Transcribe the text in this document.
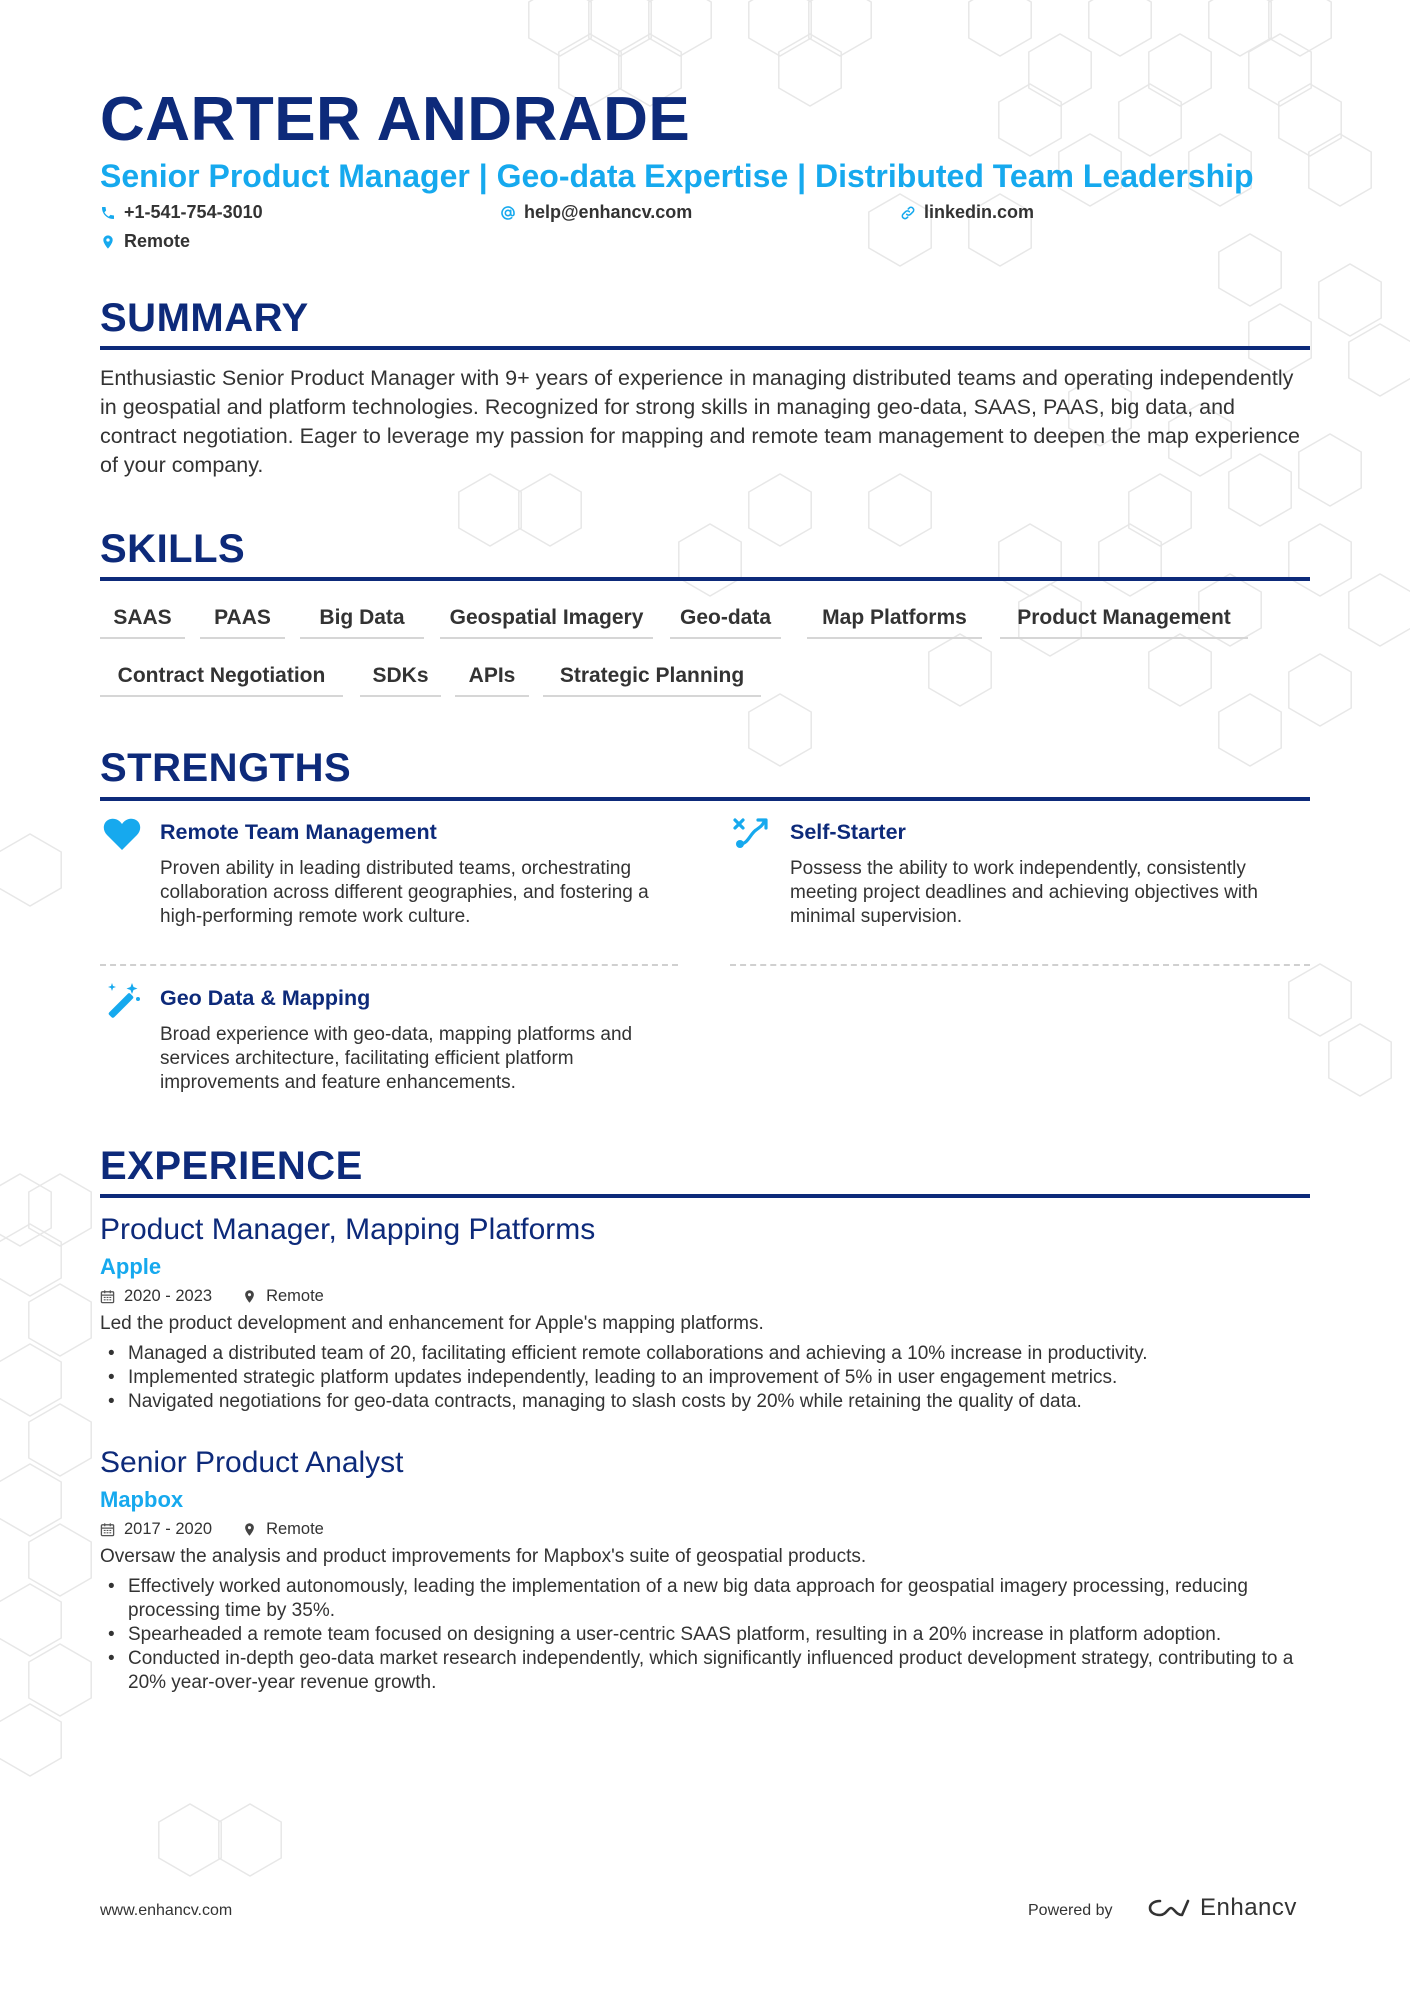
CARTER ANDRADE
Senior Product Manager | Geo-data Expertise | Distributed Team Leadership
+1-541-754-3010	help@enhancv.com	linkedin.com
Remote
SUMMARY
Enthusiastic Senior Product Manager with 9+ years of experience in managing distributed teams and operating independently in geospatial and platform technologies. Recognized for strong skills in managing geo-data, SAAS, PAAS, big data, and contract negotiation. Eager to leverage my passion for mapping and remote team management to deepen the map experience of your company.
SKILLS
SAAS	PAAS	Big Data	Geospatial Imagery	Geo-data	Map Platforms	Product Management
Contract Negotiation	SDKs	APIs	Strategic Planning
STRENGTHS
Remote Team Management
Proven ability in leading distributed teams, orchestrating collaboration across different geographies, and fostering a high-performing remote work culture.
Self-Starter
Possess the ability to work independently, consistently meeting project deadlines and achieving objectives with minimal supervision.
Geo Data & Mapping
Broad experience with geo-data, mapping platforms and services architecture, facilitating efficient platform improvements and feature enhancements.
EXPERIENCE
Product Manager, Mapping Platforms
Apple
2020 - 2023	Remote
Led the product development and enhancement for Apple's mapping platforms.
• Managed a distributed team of 20, facilitating efficient remote collaborations and achieving a 10% increase in productivity.
• Implemented strategic platform updates independently, leading to an improvement of 5% in user engagement metrics.
• Navigated negotiations for geo-data contracts, managing to slash costs by 20% while retaining the quality of data.
Senior Product Analyst
Mapbox
2017 - 2020	Remote
Oversaw the analysis and product improvements for Mapbox's suite of geospatial products.
• Effectively worked autonomously, leading the implementation of a new big data approach for geospatial imagery processing, reducing processing time by 35%.
• Spearheaded a remote team focused on designing a user-centric SAAS platform, resulting in a 20% increase in platform adoption.
• Conducted in-depth geo-data market research independently, which significantly influenced product development strategy, contributing to a 20% year-over-year revenue growth.
www.enhancv.com	Powered by	Enhancv
